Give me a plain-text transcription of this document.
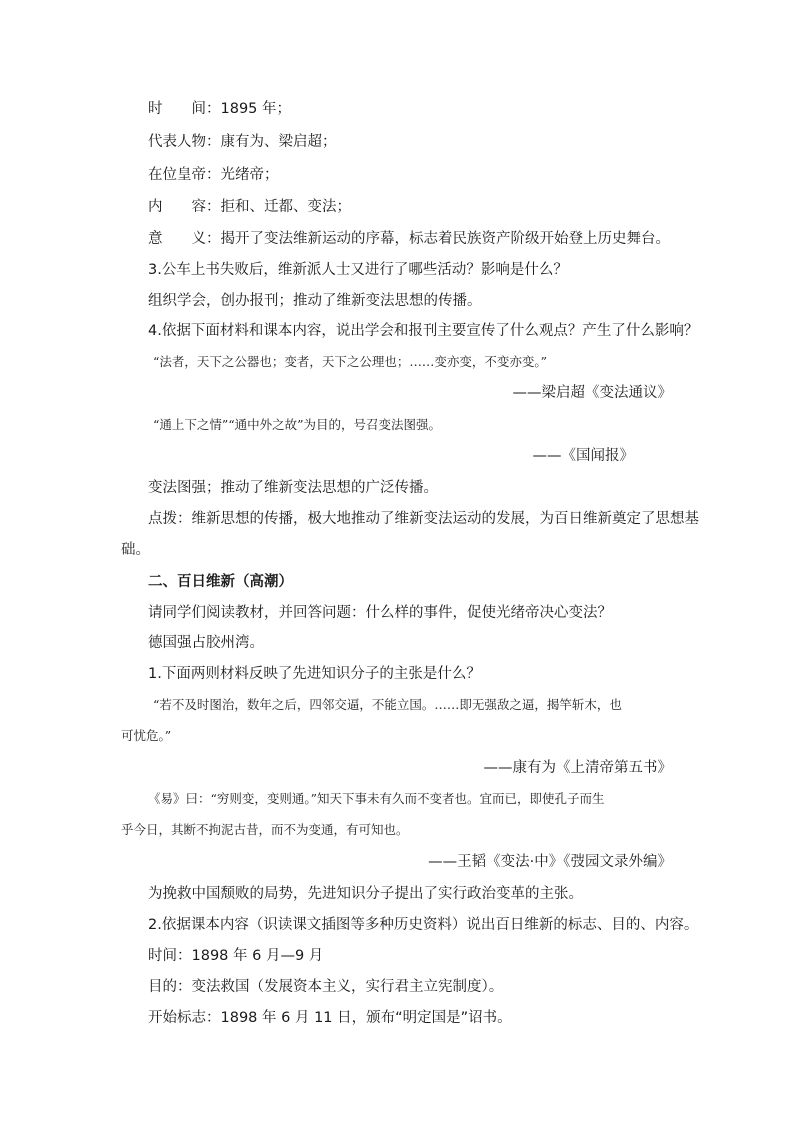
时　　间：1895 年；
代表人物：康有为、梁启超；
在位皇帝：光绪帝；
内　　容：拒和、迁都、变法；
意　　义：揭开了变法维新运动的序幕，标志着民族资产阶级开始登上历史舞台。
3.公车上书失败后，维新派人士又进行了哪些活动？影响是什么？
组织学会，创办报刊；推动了维新变法思想的传播。
4.依据下面材料和课本内容，说出学会和报刊主要宣传了什么观点？产生了什么影响？
“法者，天下之公器也；变者，天下之公理也；……变亦变，不变亦变。”
——梁启超《变法通议》
“通上下之情”“通中外之故”为目的，号召变法图强。
——《国闻报》
变法图强；推动了维新变法思想的广泛传播。
点拨：维新思想的传播，极大地推动了维新变法运动的发展，为百日维新奠定了思想基
础。
二、百日维新（高潮）
请同学们阅读教材，并回答问题：什么样的事件，促使光绪帝决心变法？
德国强占胶州湾。
1.下面两则材料反映了先进知识分子的主张是什么？
“若不及时图治，数年之后，四邻交逼，不能立国。……即无强敌之逼，揭竿斩木，也
可忧危。”
——康有为《上清帝第五书》
《易》曰：“穷则变，变则通。”知天下事未有久而不变者也。宜而已，即使孔子而生
乎今日，其断不拘泥古昔，而不为变通，有可知也。
——王韬《变法·中》《弢园文录外编》
为挽救中国颓败的局势，先进知识分子提出了实行政治变革的主张。
2.依据课本内容（识读课文插图等多种历史资料）说出百日维新的标志、目的、内容。
时间：1898 年 6 月—9 月
目的：变法救国（发展资本主义，实行君主立宪制度）。
开始标志：1898 年 6 月 11 日，颁布“明定国是”诏书。
